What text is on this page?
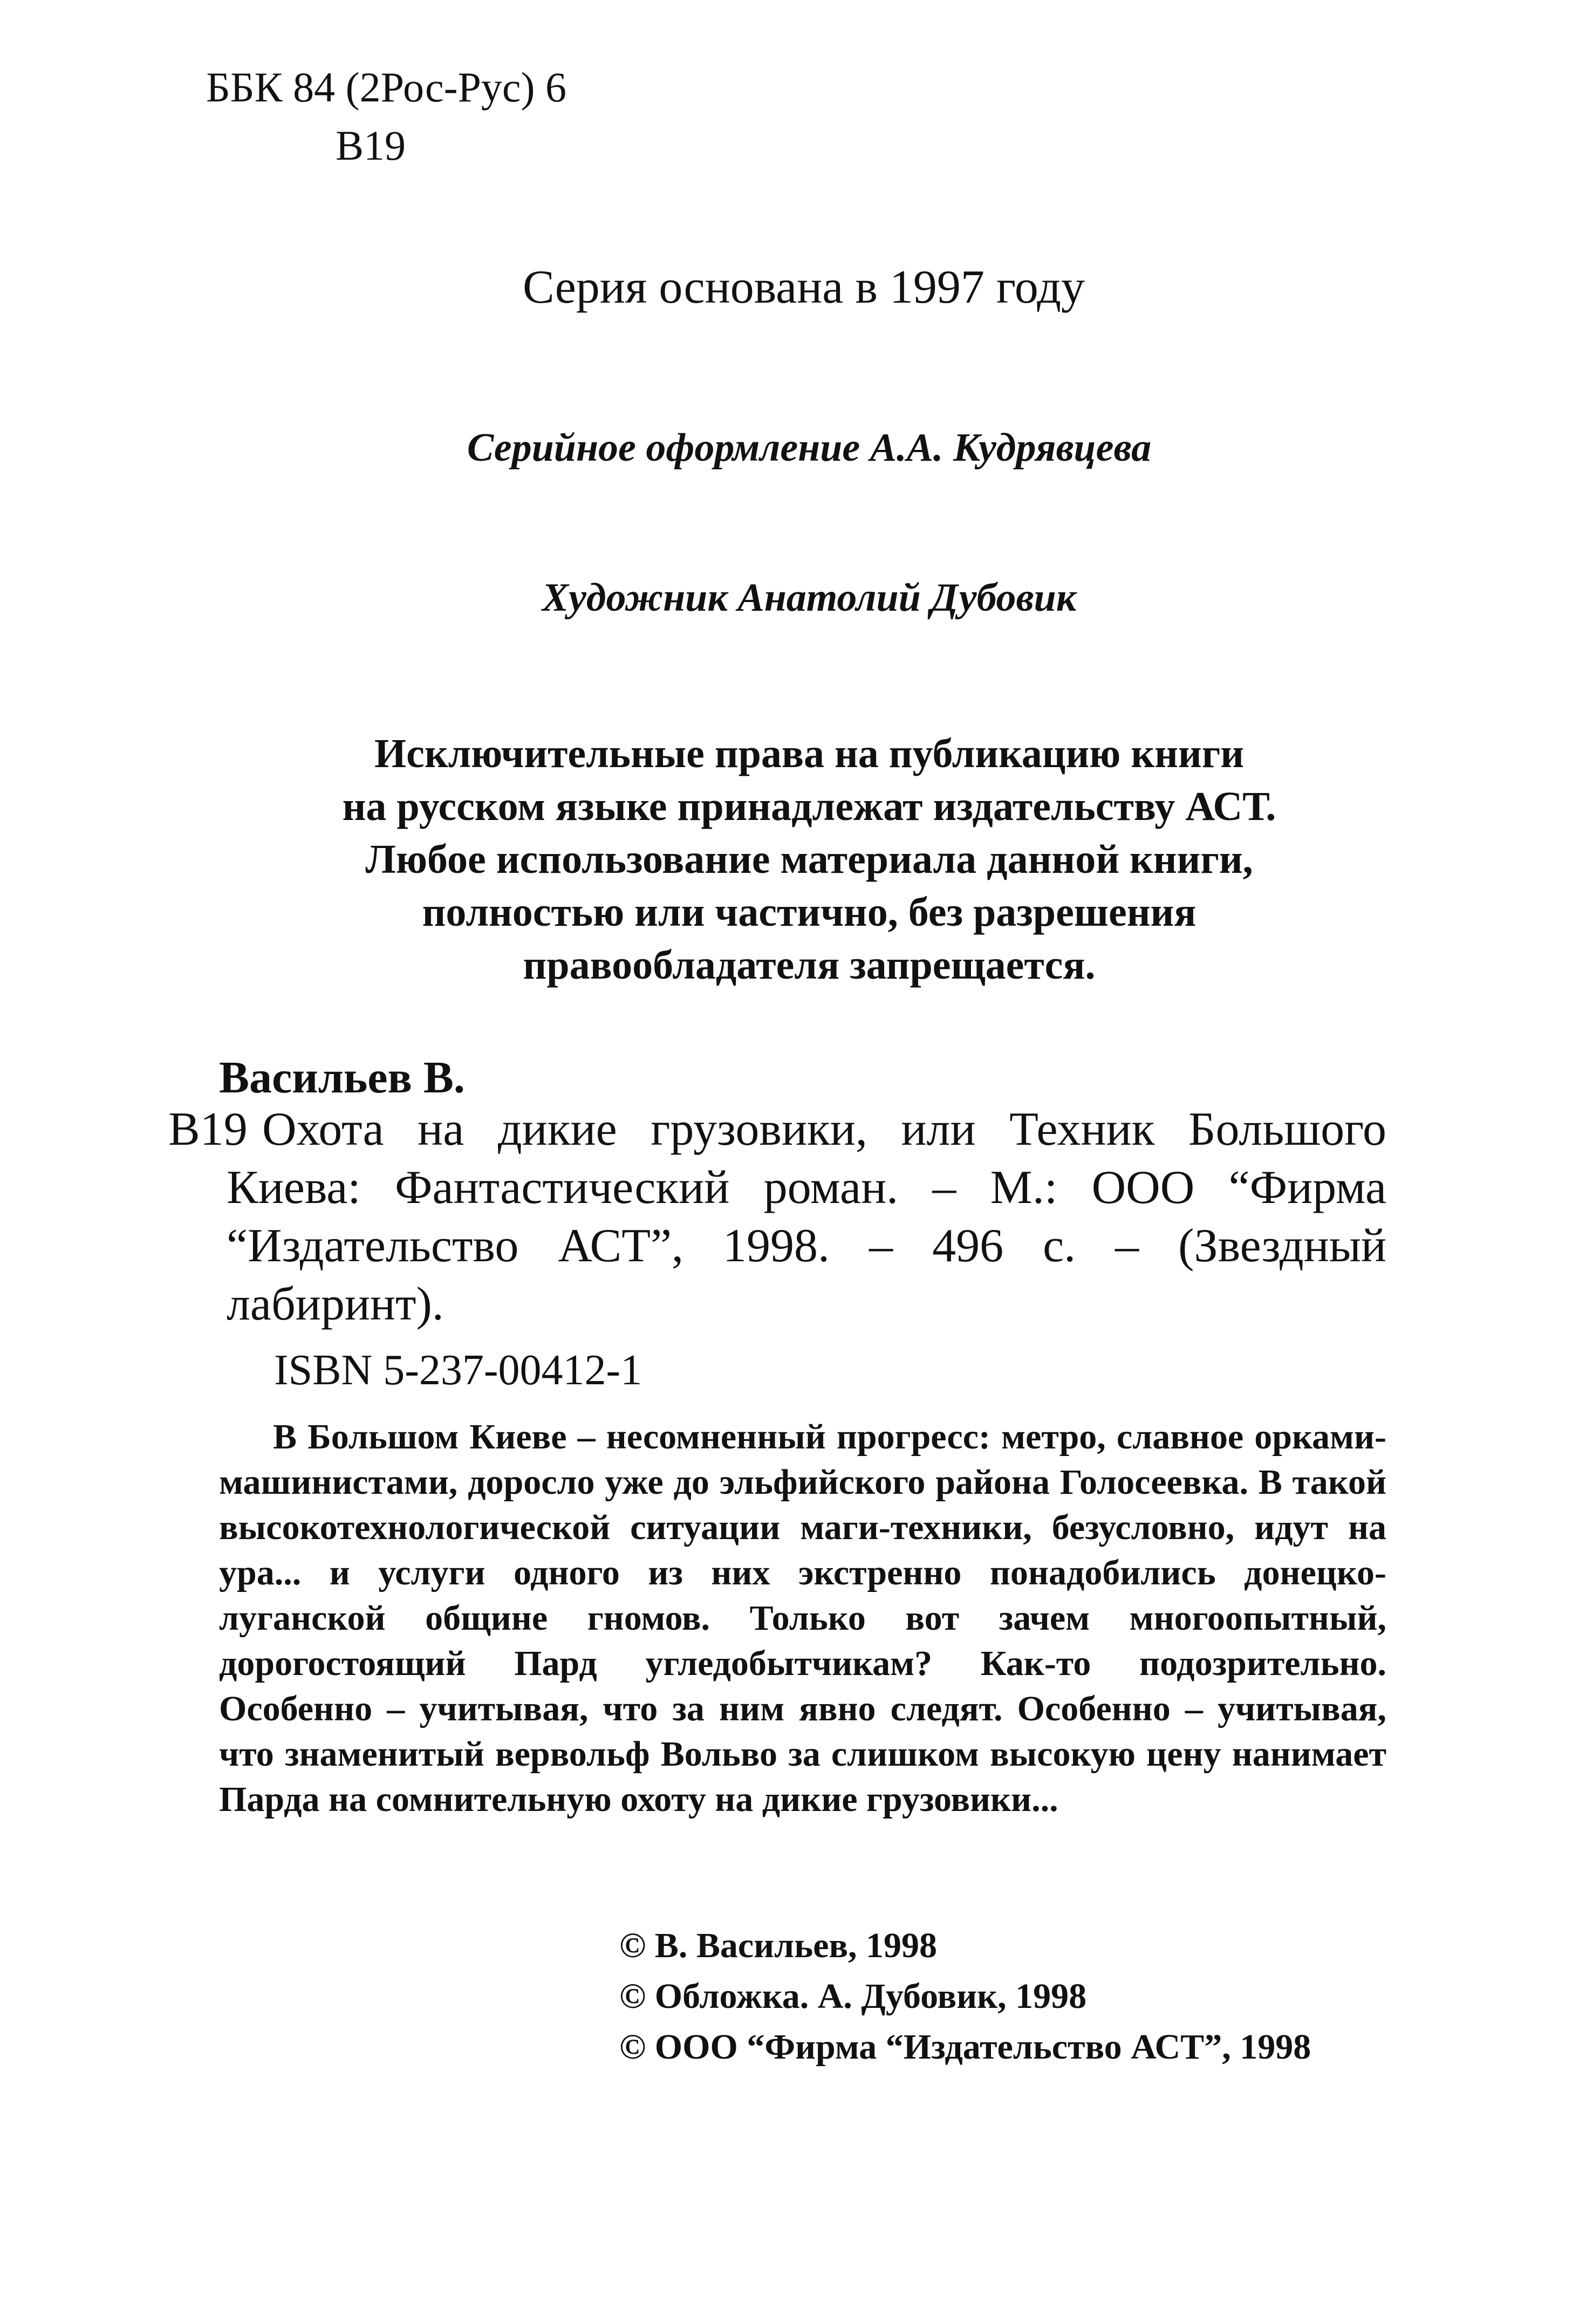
ББК 84 (2Рос-Рус) 6
В19
Серия основана в 1997 году
Серийное оформление А.А. Кудрявцева
Художник Анатолий Дубовик
Исключительные права на публикацию книги
на русском языке принадлежат издательству АСТ.
Любое использование материала данной книги,
полностью или частично, без разрешения
правообладателя запрещается.
Васильев В.
В19 Охота на дикие грузовики, или Техник Большого Киева: Фантастический роман. – М.: ООО “Фирма “Издательство АСТ”, 1998. – 496 с. – (Звездный лабиринт).
ISBN 5-237-00412-1
В Большом Киеве – несомненный прогресс: метро, славное орками-машинистами, доросло уже до эльфийского района Голосеевка. В такой высокотехнологической ситуации маги-техники, безусловно, идут на ура... и услуги одного из них экстренно понадобились донецко-луганской общине гномов. Только вот зачем многоопытный, дорогостоящий Пард угледобытчикам? Как-то подозрительно. Особенно – учитывая, что за ним явно следят. Особенно – учитывая, что знаменитый вервольф Вольво за слишком высокую цену нанимает Парда на сомнительную охоту на дикие грузовики...
© В. Васильев, 1998
© Обложка. А. Дубовик, 1998
© ООО “Фирма “Издательство АСТ”, 1998
